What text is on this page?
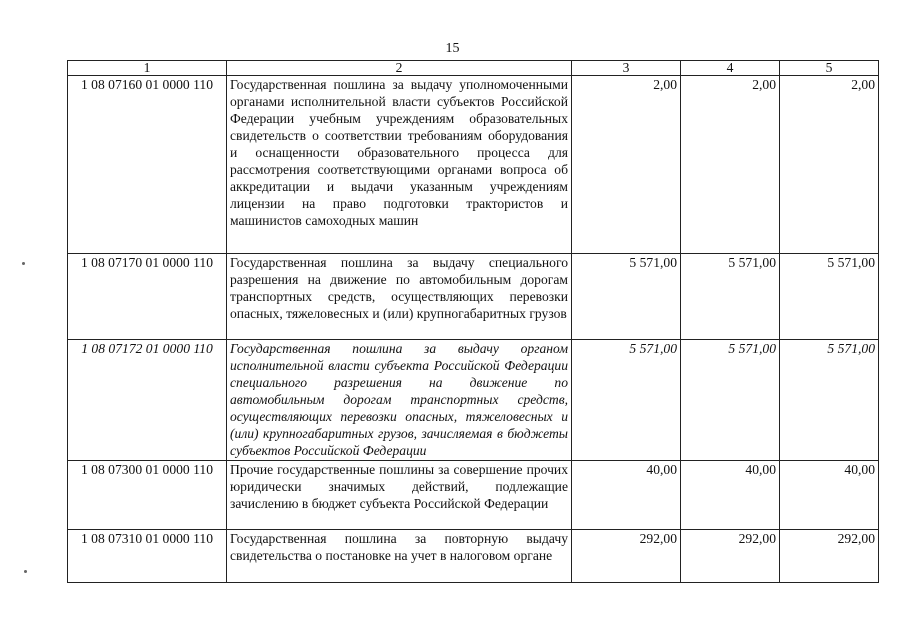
15
1	2	3	4	5
1 08 07160 01 0000 110	Государственная пошлина за выдачу уполномоченными органами исполнительной власти субъектов Российской Федерации учебным учреждениям образовательных свидетельств о соответствии требованиям оборудования и оснащенности образовательного процесса для рассмотрения соответствующими органами вопроса об аккредитации и выдачи указанным учреждениям лицензии на право подготовки трактористов и машинистов самоходных машин	2,00	2,00	2,00
1 08 07170 01 0000 110	Государственная пошлина за выдачу специального разрешения на движение по автомобильным дорогам транспортных средств, осуществляющих перевозки опасных, тяжеловесных и (или) крупногабаритных грузов	5 571,00	5 571,00	5 571,00
1 08 07172 01 0000 110	Государственная пошлина за выдачу органом исполнительной власти субъекта Российской Федерации специального разрешения на движение по автомобильным дорогам транспортных средств, осуществляющих перевозки опасных, тяжеловесных и (или) крупногабаритных грузов, зачисляемая в бюджеты субъектов Российской Федерации	5 571,00	5 571,00	5 571,00
1 08 07300 01 0000 110	Прочие государственные пошлины за совершение прочих юридически значимых действий, подлежащие зачислению в бюджет субъекта Российской Федерации	40,00	40,00	40,00
1 08 07310 01 0000 110	Государственная пошлина за повторную выдачу свидетельства о постановке на учет в налоговом органе	292,00	292,00	292,00
